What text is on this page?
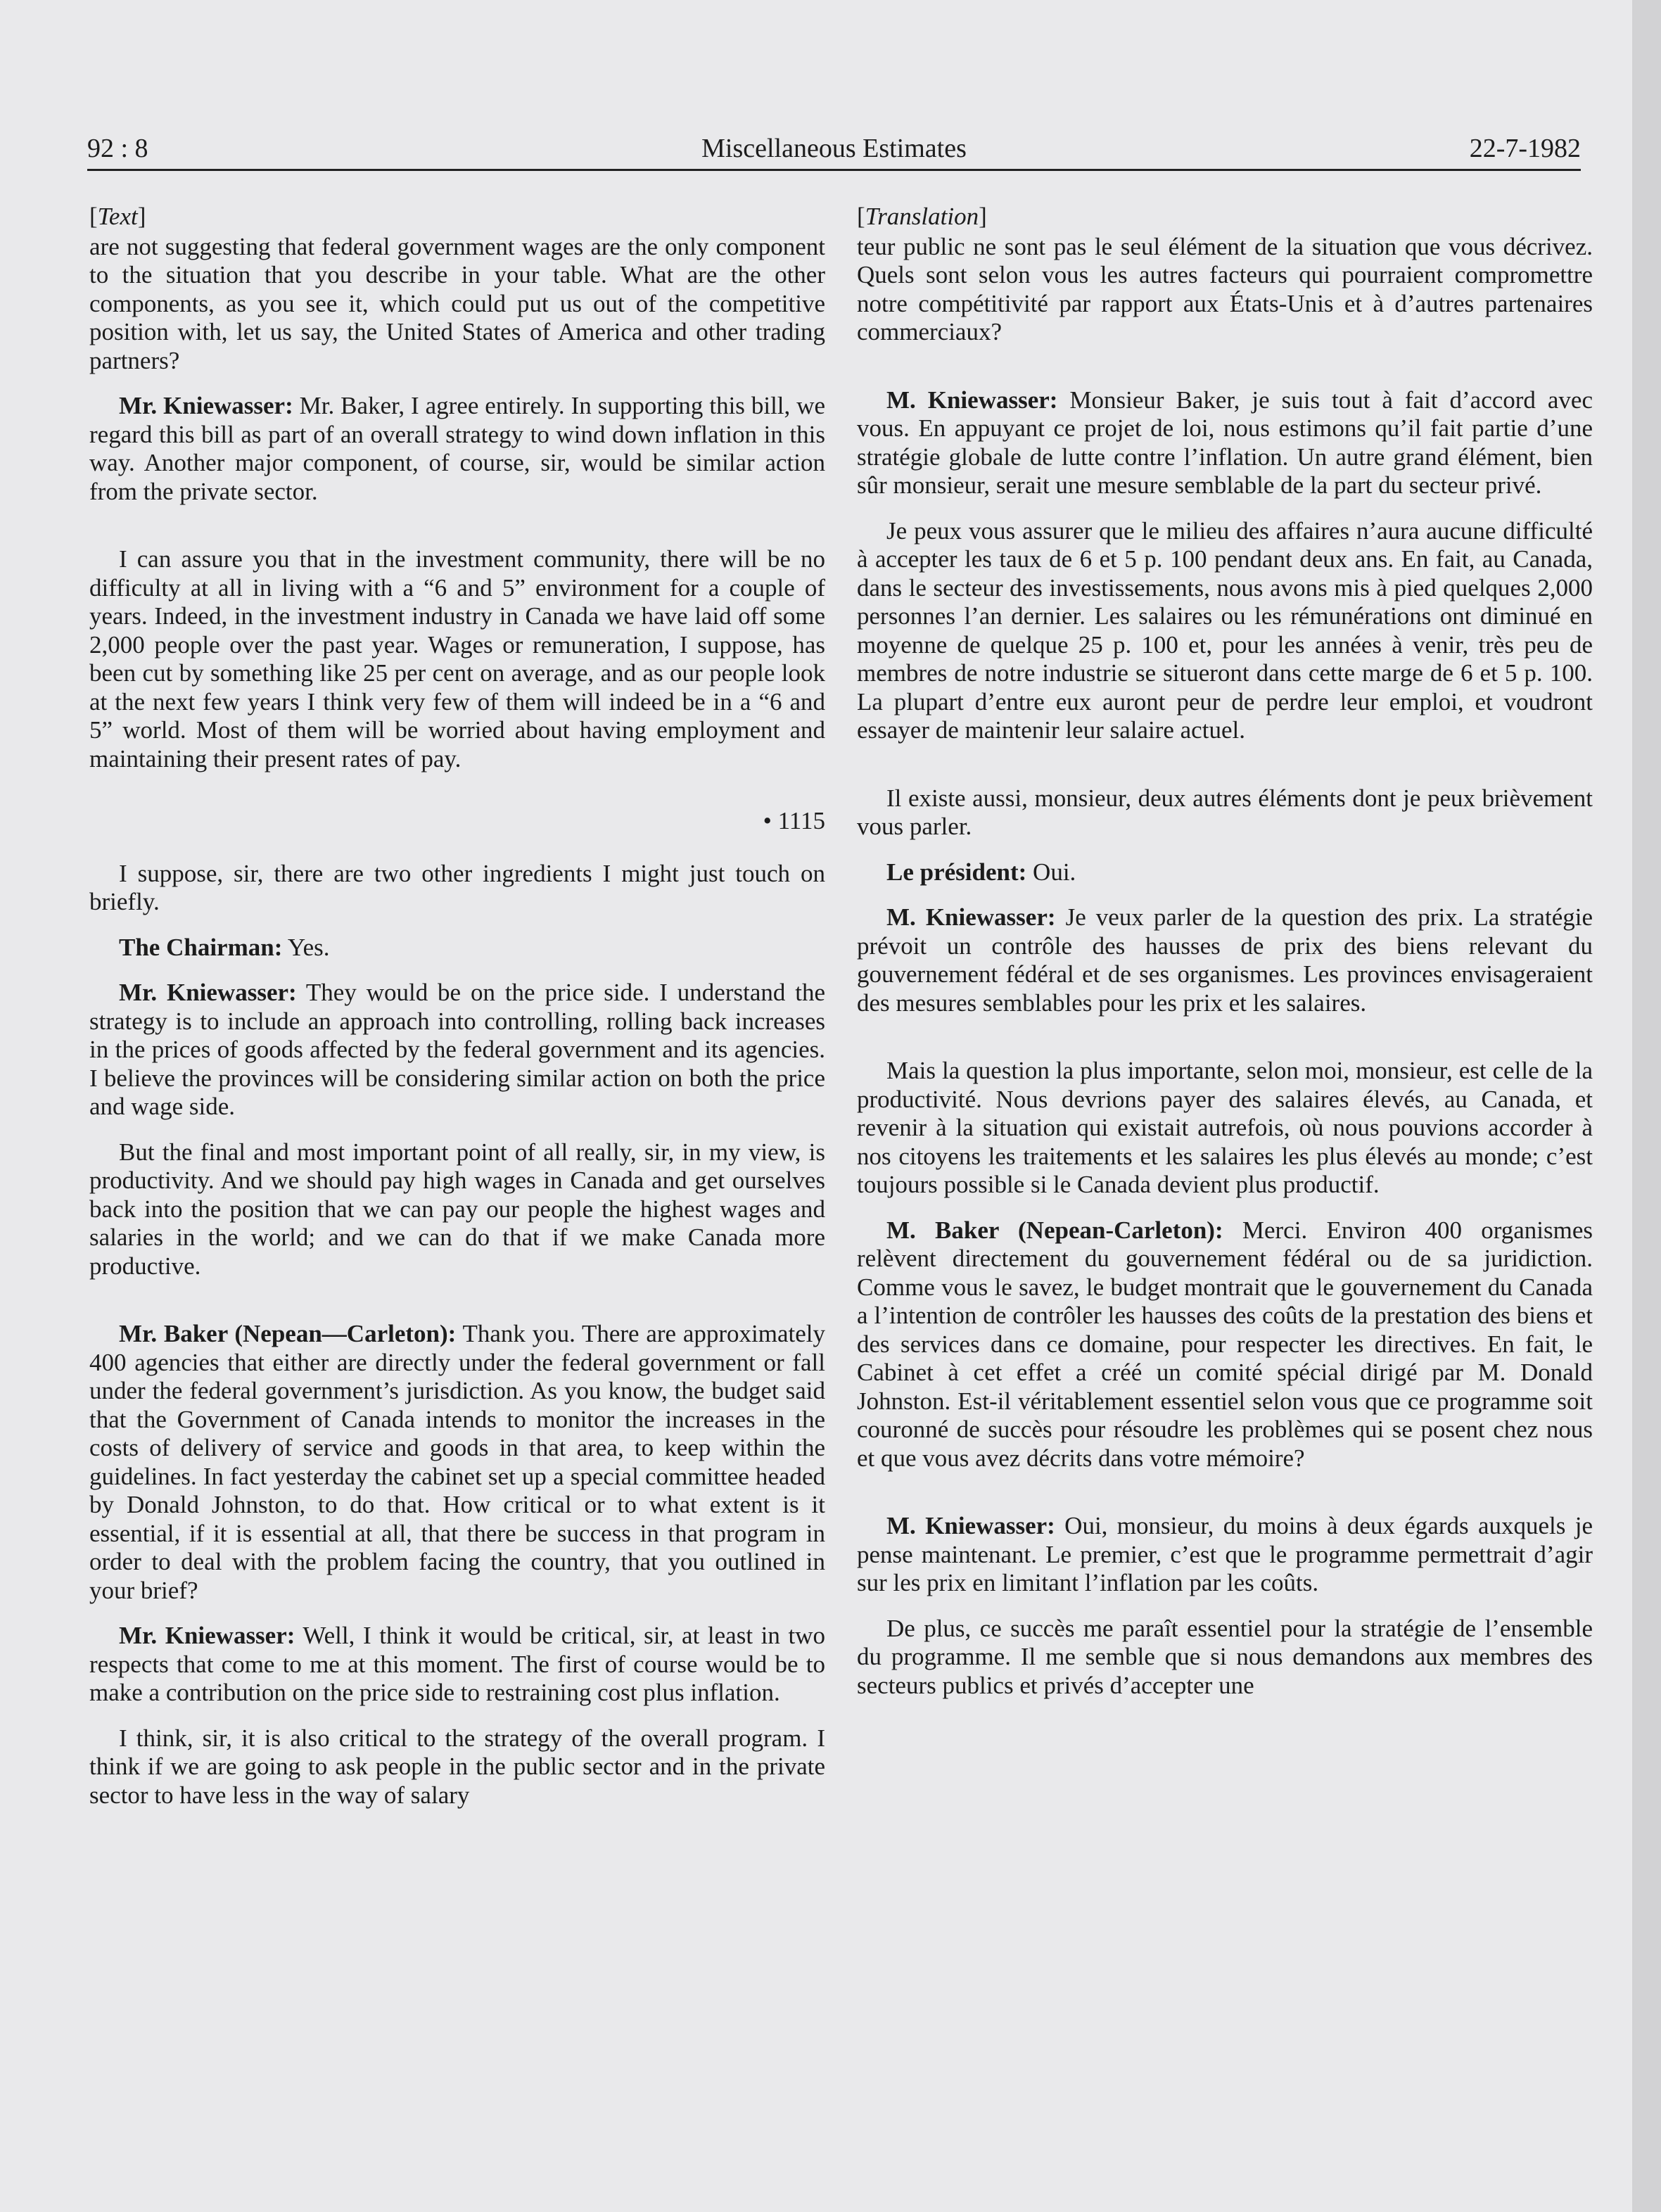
92 : 8	Miscellaneous Estimates	22-7-1982
[Text]

are not suggesting that federal government wages are the only component to the situation that you describe in your table. What are the other components, as you see it, which could put us out of the competitive position with, let us say, the United States of America and other trading partners?

Mr. Kniewasser: Mr. Baker, I agree entirely. In supporting this bill, we regard this bill as part of an overall strategy to wind down inflation in this way. Another major component, of course, sir, would be similar action from the private sector.

I can assure you that in the investment community, there will be no difficulty at all in living with a “6 and 5” environment for a couple of years. Indeed, in the investment industry in Canada we have laid off some 2,000 people over the past year. Wages or remuneration, I suppose, has been cut by something like 25 per cent on average, and as our people look at the next few years I think very few of them will indeed be in a “6 and 5” world. Most of them will be worried about having employment and maintaining their present rates of pay.

• 1115

I suppose, sir, there are two other ingredients I might just touch on briefly.

The Chairman: Yes.

Mr. Kniewasser: They would be on the price side. I understand the strategy is to include an approach into controlling, rolling back increases in the prices of goods affected by the federal government and its agencies. I believe the provinces will be considering similar action on both the price and wage side.

But the final and most important point of all really, sir, in my view, is productivity. And we should pay high wages in Canada and get ourselves back into the position that we can pay our people the highest wages and salaries in the world; and we can do that if we make Canada more productive.

Mr. Baker (Nepean—Carleton): Thank you. There are approximately 400 agencies that either are directly under the federal government or fall under the federal government’s jurisdiction. As you know, the budget said that the Government of Canada intends to monitor the increases in the costs of delivery of service and goods in that area, to keep within the guidelines. In fact yesterday the cabinet set up a special committee headed by Donald Johnston, to do that. How critical or to what extent is it essential, if it is essential at all, that there be success in that program in order to deal with the problem facing the country, that you outlined in your brief?

Mr. Kniewasser: Well, I think it would be critical, sir, at least in two respects that come to me at this moment. The first of course would be to make a contribution on the price side to restraining cost plus inflation.

I think, sir, it is also critical to the strategy of the overall program. I think if we are going to ask people in the public sector and in the private sector to have less in the way of salary

[Translation]

teur public ne sont pas le seul élément de la situation que vous décrivez. Quels sont selon vous les autres facteurs qui pourraient compromettre notre compétitivité par rapport aux États-Unis et à d’autres partenaires commerciaux?

M. Kniewasser: Monsieur Baker, je suis tout à fait d’accord avec vous. En appuyant ce projet de loi, nous estimons qu’il fait partie d’une stratégie globale de lutte contre l’inflation. Un autre grand élément, bien sûr monsieur, serait une mesure semblable de la part du secteur privé.

Je peux vous assurer que le milieu des affaires n’aura aucune difficulté à accepter les taux de 6 et 5 p. 100 pendant deux ans. En fait, au Canada, dans le secteur des investissements, nous avons mis à pied quelques 2,000 personnes l’an dernier. Les salaires ou les rémunérations ont diminué en moyenne de quelque 25 p. 100 et, pour les années à venir, très peu de membres de notre industrie se situeront dans cette marge de 6 et 5 p. 100. La plupart d’entre eux auront peur de perdre leur emploi, et voudront essayer de maintenir leur salaire actuel.

Il existe aussi, monsieur, deux autres éléments dont je peux brièvement vous parler.

Le président: Oui.

M. Kniewasser: Je veux parler de la question des prix. La stratégie prévoit un contrôle des hausses de prix des biens relevant du gouvernement fédéral et de ses organismes. Les provinces envisageraient des mesures semblables pour les prix et les salaires.

Mais la question la plus importante, selon moi, monsieur, est celle de la productivité. Nous devrions payer des salaires élevés, au Canada, et revenir à la situation qui existait autrefois, où nous pouvions accorder à nos citoyens les traitements et les salaires les plus élevés au monde; c’est toujours possible si le Canada devient plus productif.

M. Baker (Nepean-Carleton): Merci. Environ 400 organismes relèvent directement du gouvernement fédéral ou de sa juridiction. Comme vous le savez, le budget montrait que le gouvernement du Canada a l’intention de contrôler les hausses des coûts de la prestation des biens et des services dans ce domaine, pour respecter les directives. En fait, le Cabinet à cet effet a créé un comité spécial dirigé par M. Donald Johnston. Est-il véritablement essentiel selon vous que ce programme soit couronné de succès pour résoudre les problèmes qui se posent chez nous et que vous avez décrits dans votre mémoire?

M. Kniewasser: Oui, monsieur, du moins à deux égards auxquels je pense maintenant. Le premier, c’est que le programme permettrait d’agir sur les prix en limitant l’inflation par les coûts.

De plus, ce succès me paraît essentiel pour la stratégie de l’ensemble du programme. Il me semble que si nous demandons aux membres des secteurs publics et privés d’accepter une
